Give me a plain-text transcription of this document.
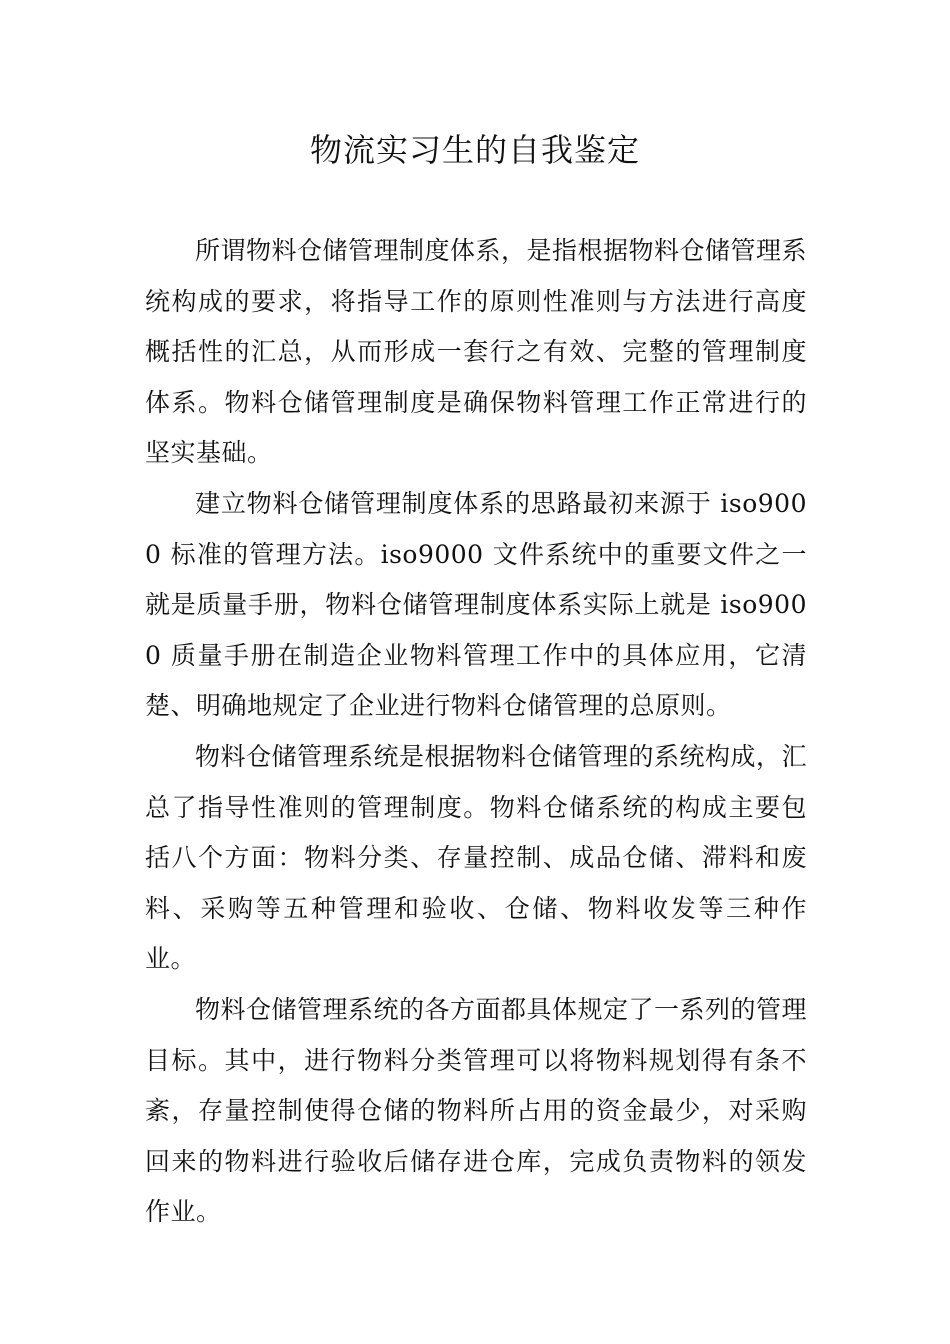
物流实习生的自我鉴定

所谓物料仓储管理制度体系，是指根据物料仓储管理系统构成的要求，将指导工作的原则性准则与方法进行高度概括性的汇总，从而形成一套行之有效、完整的管理制度体系。物料仓储管理制度是确保物料管理工作正常进行的坚实基础。

建立物料仓储管理制度体系的思路最初来源于 iso9000 标准的管理方法。iso9000 文件系统中的重要文件之一就是质量手册，物料仓储管理制度体系实际上就是 iso9000 质量手册在制造企业物料管理工作中的具体应用，它清楚、明确地规定了企业进行物料仓储管理的总原则。

物料仓储管理系统是根据物料仓储管理的系统构成，汇总了指导性准则的管理制度。物料仓储系统的构成主要包括八个方面：物料分类、存量控制、成品仓储、滞料和废料、采购等五种管理和验收、仓储、物料收发等三种作业。

物料仓储管理系统的各方面都具体规定了一系列的管理目标。其中，进行物料分类管理可以将物料规划得有条不紊，存量控制使得仓储的物料所占用的资金最少，对采购回来的物料进行验收后储存进仓库，完成负责物料的领发作业。
